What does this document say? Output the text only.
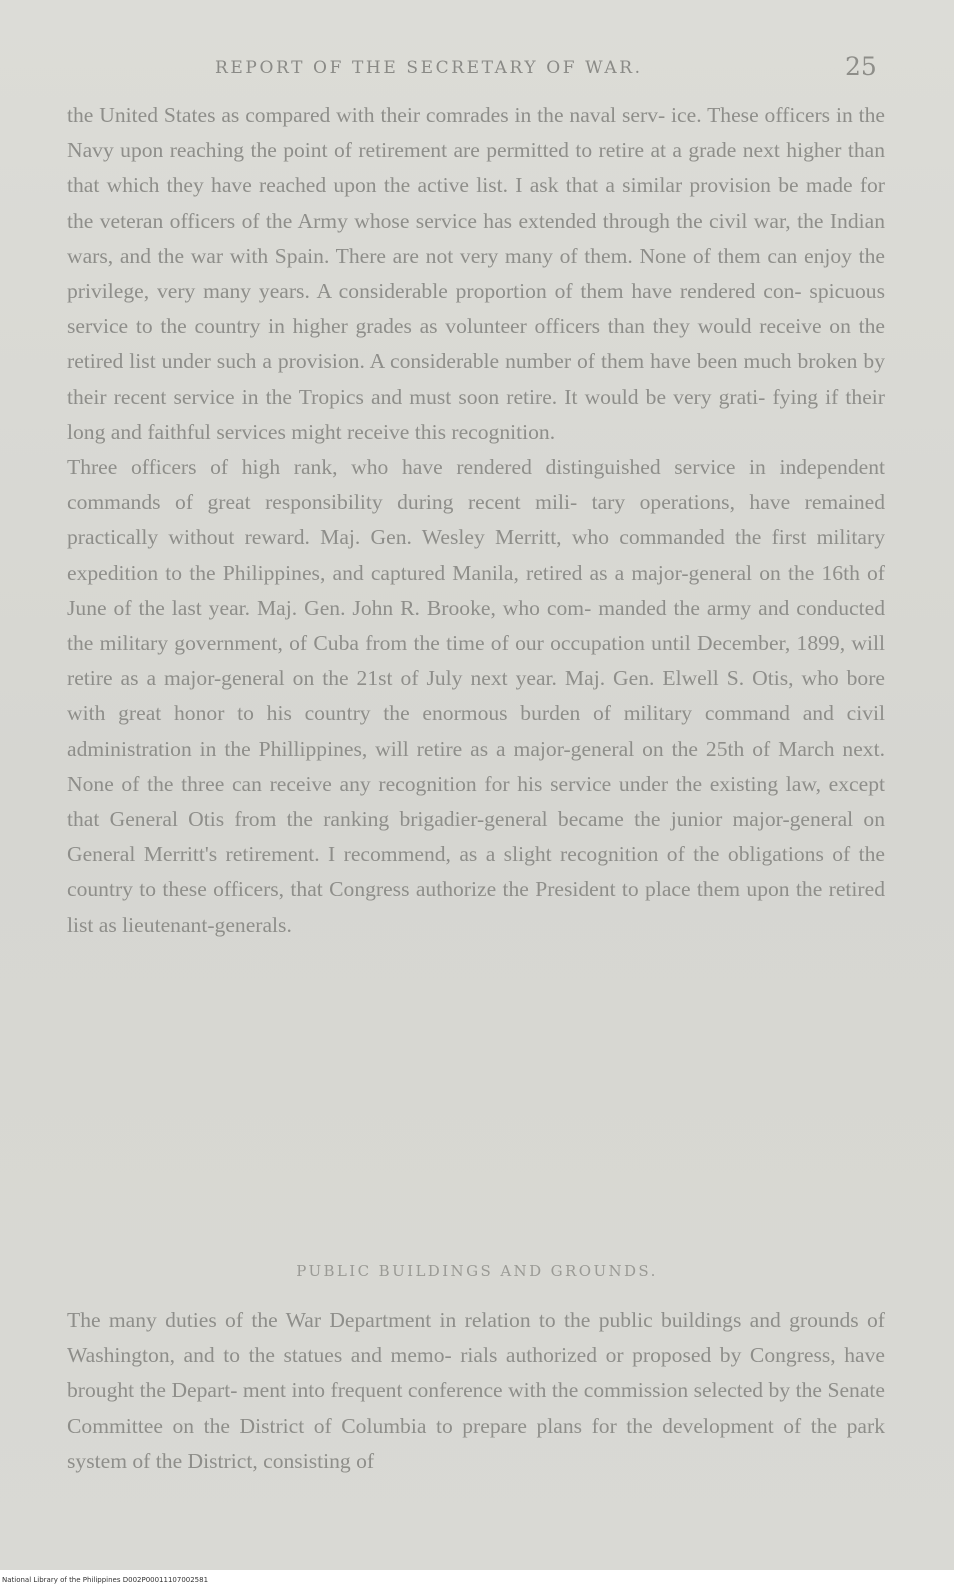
REPORT OF THE SECRETARY OF WAR.	25

the United States as compared with their comrades in the naval serv- ice. These officers in the Navy upon reaching the point of retirement are permitted to retire at a grade next higher than that which they have reached upon the active list. I ask that a similar provision be made for the veteran officers of the Army whose service has extended through the civil war, the Indian wars, and the war with Spain. There are not very many of them. None of them can enjoy the privilege, very many years. A considerable proportion of them have rendered con- spicuous service to the country in higher grades as volunteer officers than they would receive on the retired list under such a provision. A considerable number of them have been much broken by their recent service in the Tropics and must soon retire. It would be very grati- fying if their long and faithful services might receive this recognition.

Three officers of high rank, who have rendered distinguished service in independent commands of great responsibility during recent mili- tary operations, have remained practically without reward. Maj. Gen. Wesley Merritt, who commanded the first military expedition to the Philippines, and captured Manila, retired as a major-general on the 16th of June of the last year. Maj. Gen. John R. Brooke, who com- manded the army and conducted the military government, of Cuba from the time of our occupation until December, 1899, will retire as a major-general on the 21st of July next year. Maj. Gen. Elwell S. Otis, who bore with great honor to his country the enormous burden of military command and civil administration in the Phillippines, will retire as a major-general on the 25th of March next. None of the three can receive any recognition for his service under the existing law, except that General Otis from the ranking brigadier-general became the junior major-general on General Merritt's retirement. I recommend, as a slight recognition of the obligations of the country to these officers, that Congress authorize the President to place them upon the retired list as lieutenant-generals.

PUBLIC BUILDINGS AND GROUNDS.

The many duties of the War Department in relation to the public buildings and grounds of Washington, and to the statues and memo- rials authorized or proposed by Congress, have brought the Depart- ment into frequent conference with the commission selected by the Senate Committee on the District of Columbia to prepare plans for the development of the park system of the District, consisting of

National Library of the Philippines D002P00011107002581
